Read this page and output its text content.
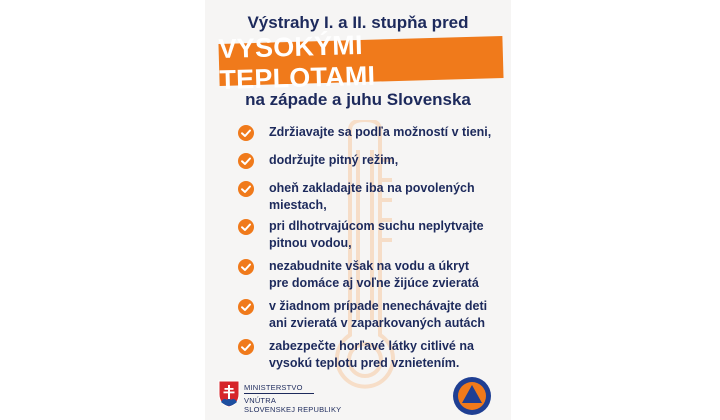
Výstrahy I. a II. stupňa pred
VYSOKÝMI TEPLOTAMI
na západe a juhu Slovenska
Zdržiavajte sa podľa možností v tieni,
dodržujte pitný režim,
oheň zakladajte iba na povolených
miestach,
pri dlhotrvajúcom suchu neplytvajte
pitnou vodou,
nezabudnite však na vodu a úkryt
pre domáce aj voľne žijúce zvieratá
v žiadnom prípade nenechávajte deti
ani zvieratá v zaparkovaných autách
zabezpečte horľavé látky citlivé na
vysokú teplotu pred vznietením.
MINISTERSTVO
VNÚTRA
SLOVENSKEJ REPUBLIKY
